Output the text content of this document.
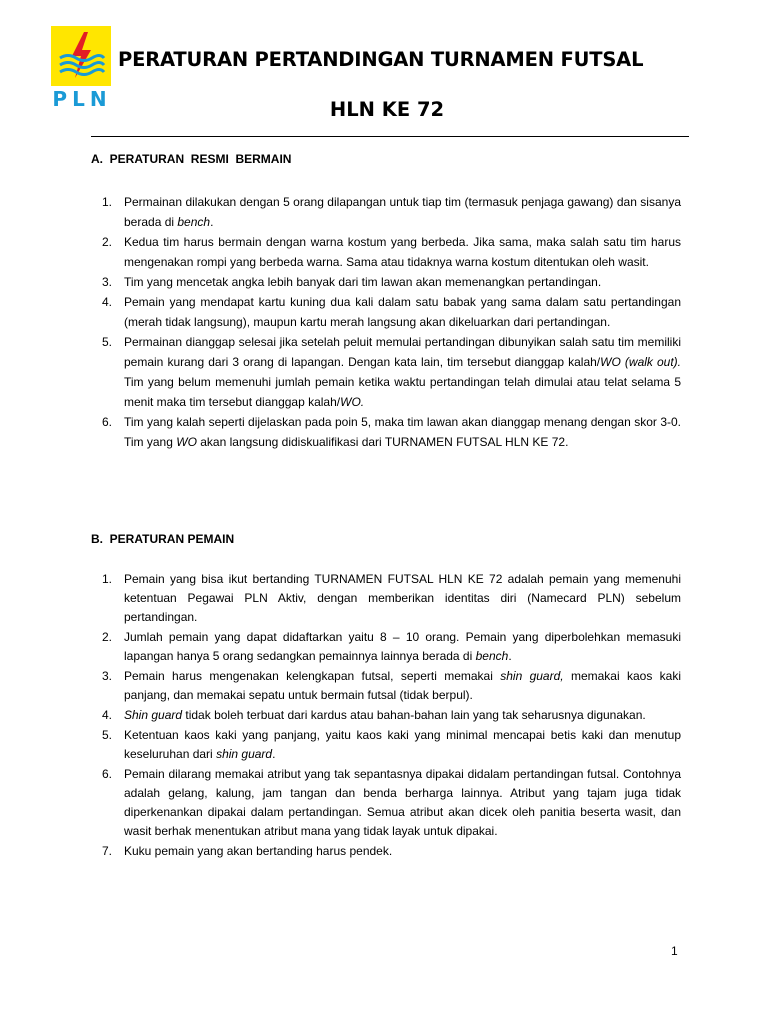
PLN
PERATURAN PERTANDINGAN TURNAMEN FUTSAL
HLN KE 72
A.  PERATURAN  RESMI  BERMAIN
1. Permainan dilakukan dengan 5 orang dilapangan untuk tiap tim (termasuk penjaga gawang) dan sisanya berada di bench.
2. Kedua tim harus bermain dengan warna kostum yang berbeda. Jika sama, maka salah satu tim harus mengenakan rompi yang berbeda warna. Sama atau tidaknya warna kostum ditentukan oleh wasit.
3. Tim yang mencetak angka lebih banyak dari tim lawan akan memenangkan pertandingan.
4. Pemain yang mendapat kartu kuning dua kali dalam satu babak yang sama dalam satu pertandingan (merah tidak langsung), maupun kartu merah langsung akan dikeluarkan dari pertandingan.
5. Permainan dianggap selesai jika setelah peluit memulai pertandingan dibunyikan salah satu tim memiliki pemain kurang dari 3 orang di lapangan. Dengan kata lain, tim tersebut dianggap kalah/WO (walk out). Tim yang belum memenuhi jumlah pemain ketika waktu pertandingan telah dimulai atau telat selama 5 menit maka tim tersebut dianggap kalah/WO.
6. Tim yang kalah seperti dijelaskan pada poin 5, maka tim lawan akan dianggap menang dengan skor 3-0. Tim yang WO akan langsung didiskualifikasi dari TURNAMEN FUTSAL HLN KE 72.
B.  PERATURAN PEMAIN
1. Pemain yang bisa ikut bertanding TURNAMEN FUTSAL HLN KE 72 adalah pemain yang memenuhi ketentuan Pegawai PLN Aktiv, dengan memberikan identitas diri (Namecard PLN) sebelum pertandingan.
2. Jumlah pemain yang dapat didaftarkan yaitu 8 – 10 orang. Pemain yang diperbolehkan memasuki lapangan hanya 5 orang sedangkan pemainnya lainnya berada di bench.
3. Pemain harus mengenakan kelengkapan futsal, seperti memakai shin guard, memakai kaos kaki panjang, dan memakai sepatu untuk bermain futsal (tidak berpul).
4. Shin guard tidak boleh terbuat dari kardus atau bahan-bahan lain yang tak seharusnya digunakan.
5. Ketentuan kaos kaki yang panjang, yaitu kaos kaki yang minimal mencapai betis kaki dan menutup keseluruhan dari shin guard.
6. Pemain dilarang memakai atribut yang tak sepantasnya dipakai didalam pertandingan futsal. Contohnya adalah gelang, kalung, jam tangan dan benda berharga lainnya. Atribut yang tajam juga tidak diperkenankan dipakai dalam pertandingan. Semua atribut akan dicek oleh panitia beserta wasit, dan wasit berhak menentukan atribut mana yang tidak layak untuk dipakai.
7. Kuku pemain yang akan bertanding harus pendek.
1
